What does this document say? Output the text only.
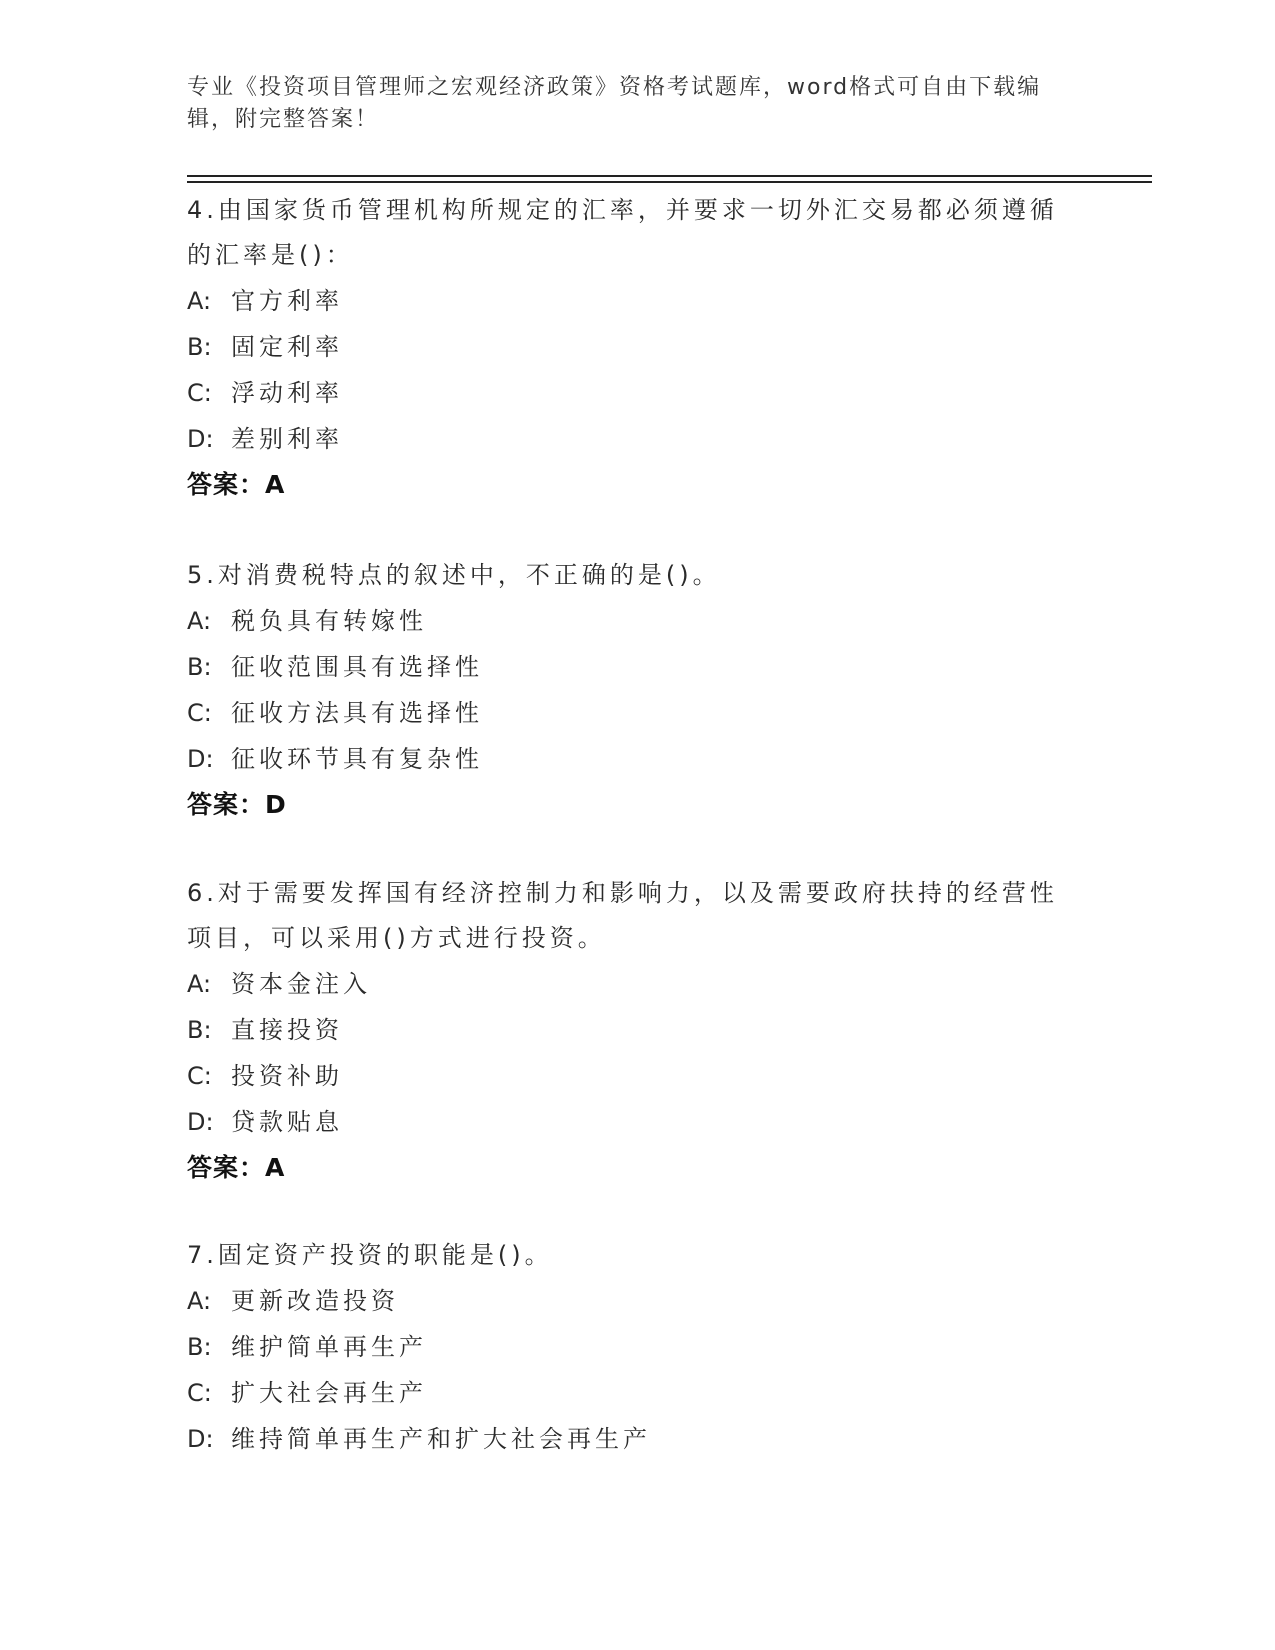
专业《投资项目管理师之宏观经济政策》资格考试题库，word格式可自由下载编辑，附完整答案！
4.由国家货币管理机构所规定的汇率，并要求一切外汇交易都必须遵循的汇率是()：
A: 官方利率
B: 固定利率
C: 浮动利率
D: 差别利率
答案：A
5.对消费税特点的叙述中，不正确的是()。
A: 税负具有转嫁性
B: 征收范围具有选择性
C: 征收方法具有选择性
D: 征收环节具有复杂性
答案：D
6.对于需要发挥国有经济控制力和影响力，以及需要政府扶持的经营性项目，可以采用()方式进行投资。
A: 资本金注入
B: 直接投资
C: 投资补助
D: 贷款贴息
答案：A
7.固定资产投资的职能是()。
A: 更新改造投资
B: 维护简单再生产
C: 扩大社会再生产
D: 维持简单再生产和扩大社会再生产
